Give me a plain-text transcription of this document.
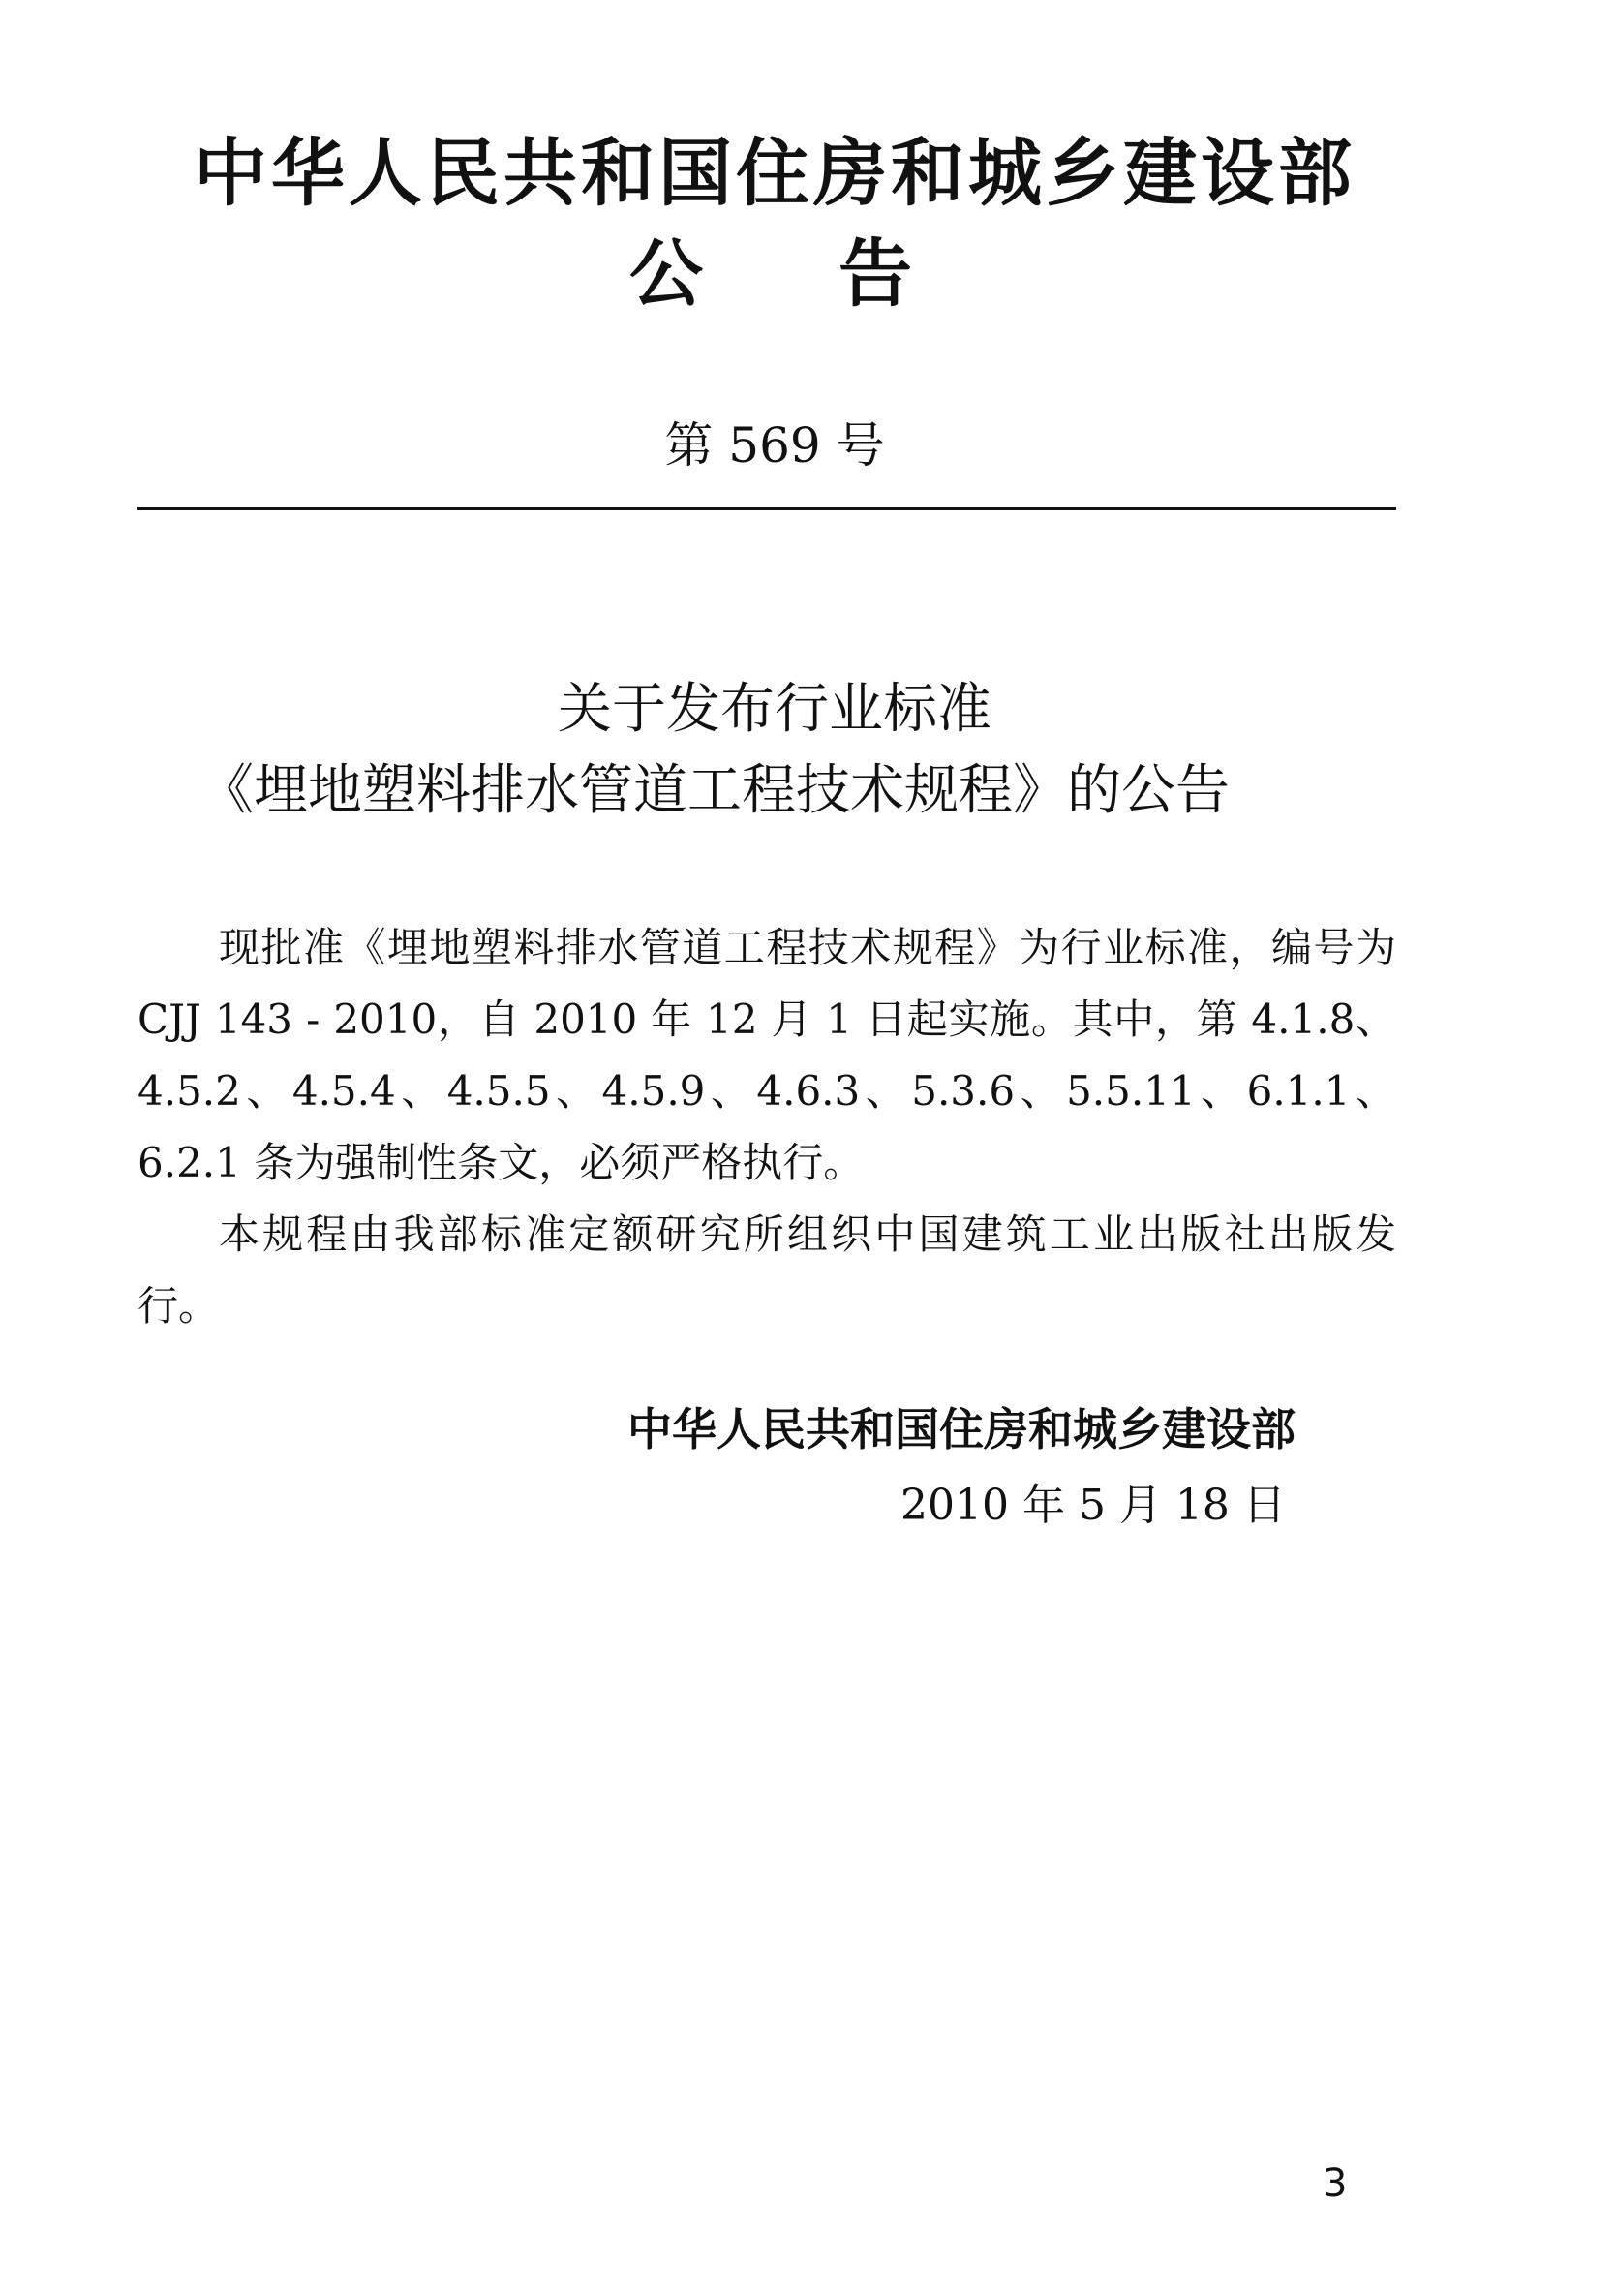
中华人民共和国住房和城乡建设部
公 告
第 569 号
关于发布行业标准
《埋地塑料排水管道工程技术规程》的公告

现批准《埋地塑料排水管道工程技术规程》为行业标准，编号为 CJJ 143 - 2010，自 2010 年 12 月 1 日起实施。其中，第 4.1.8、4.5.2、4.5.4、4.5.5、4.5.9、4.6.3、5.3.6、5.5.11、6.1.1、6.2.1 条为强制性条文，必须严格执行。

本规程由我部标准定额研究所组织中国建筑工业出版社出版发行。

中华人民共和国住房和城乡建设部
2010 年 5 月 18 日
3
